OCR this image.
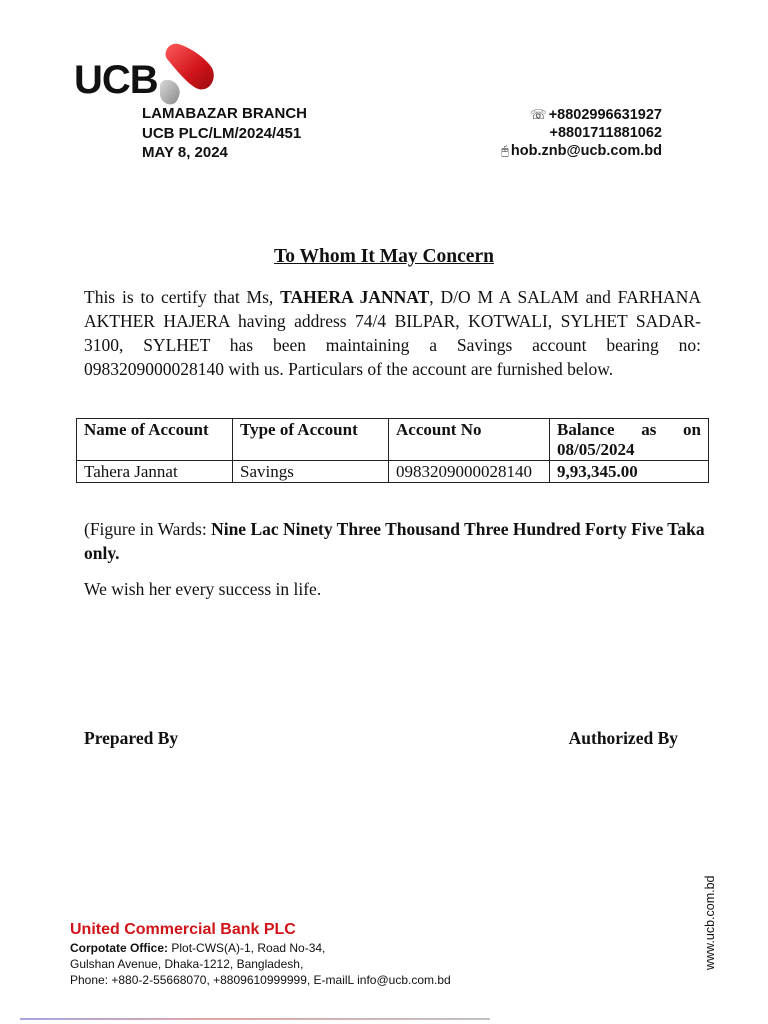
UCB
LAMABAZAR BRANCH
UCB PLC/LM/2024/451
MAY 8, 2024
☏ +8802996631927
+8801711881062
🖰 hob.znb@ucb.com.bd
To Whom It May Concern
This is to certify that Ms, TAHERA JANNAT, D/O M A SALAM and FARHANA AKTHER HAJERA having address 74/4 BILPAR, KOTWALI, SYLHET SADAR-3100, SYLHET has been maintaining a Savings account bearing no: 0983209000028140 with us. Particulars of the account are furnished below.
Name of Account	Type of Account	Account No	Balance as on
08/05/2024

Tahera Jannat	Savings	0983209000028140	9,93,345.00
(Figure in Wards: Nine Lac Ninety Three Thousand Three Hundred Forty Five Taka only.
We wish her every success in life.
Prepared By	Authorized By
United Commercial Bank PLC
Corpotate Office: Plot-CWS(A)-1, Road No-34,
Gulshan Avenue, Dhaka-1212, Bangladesh,
Phone: +880-2-55668070, +8809610999999, E-mailL info@ucb.com.bd
www.ucb.com.bd
